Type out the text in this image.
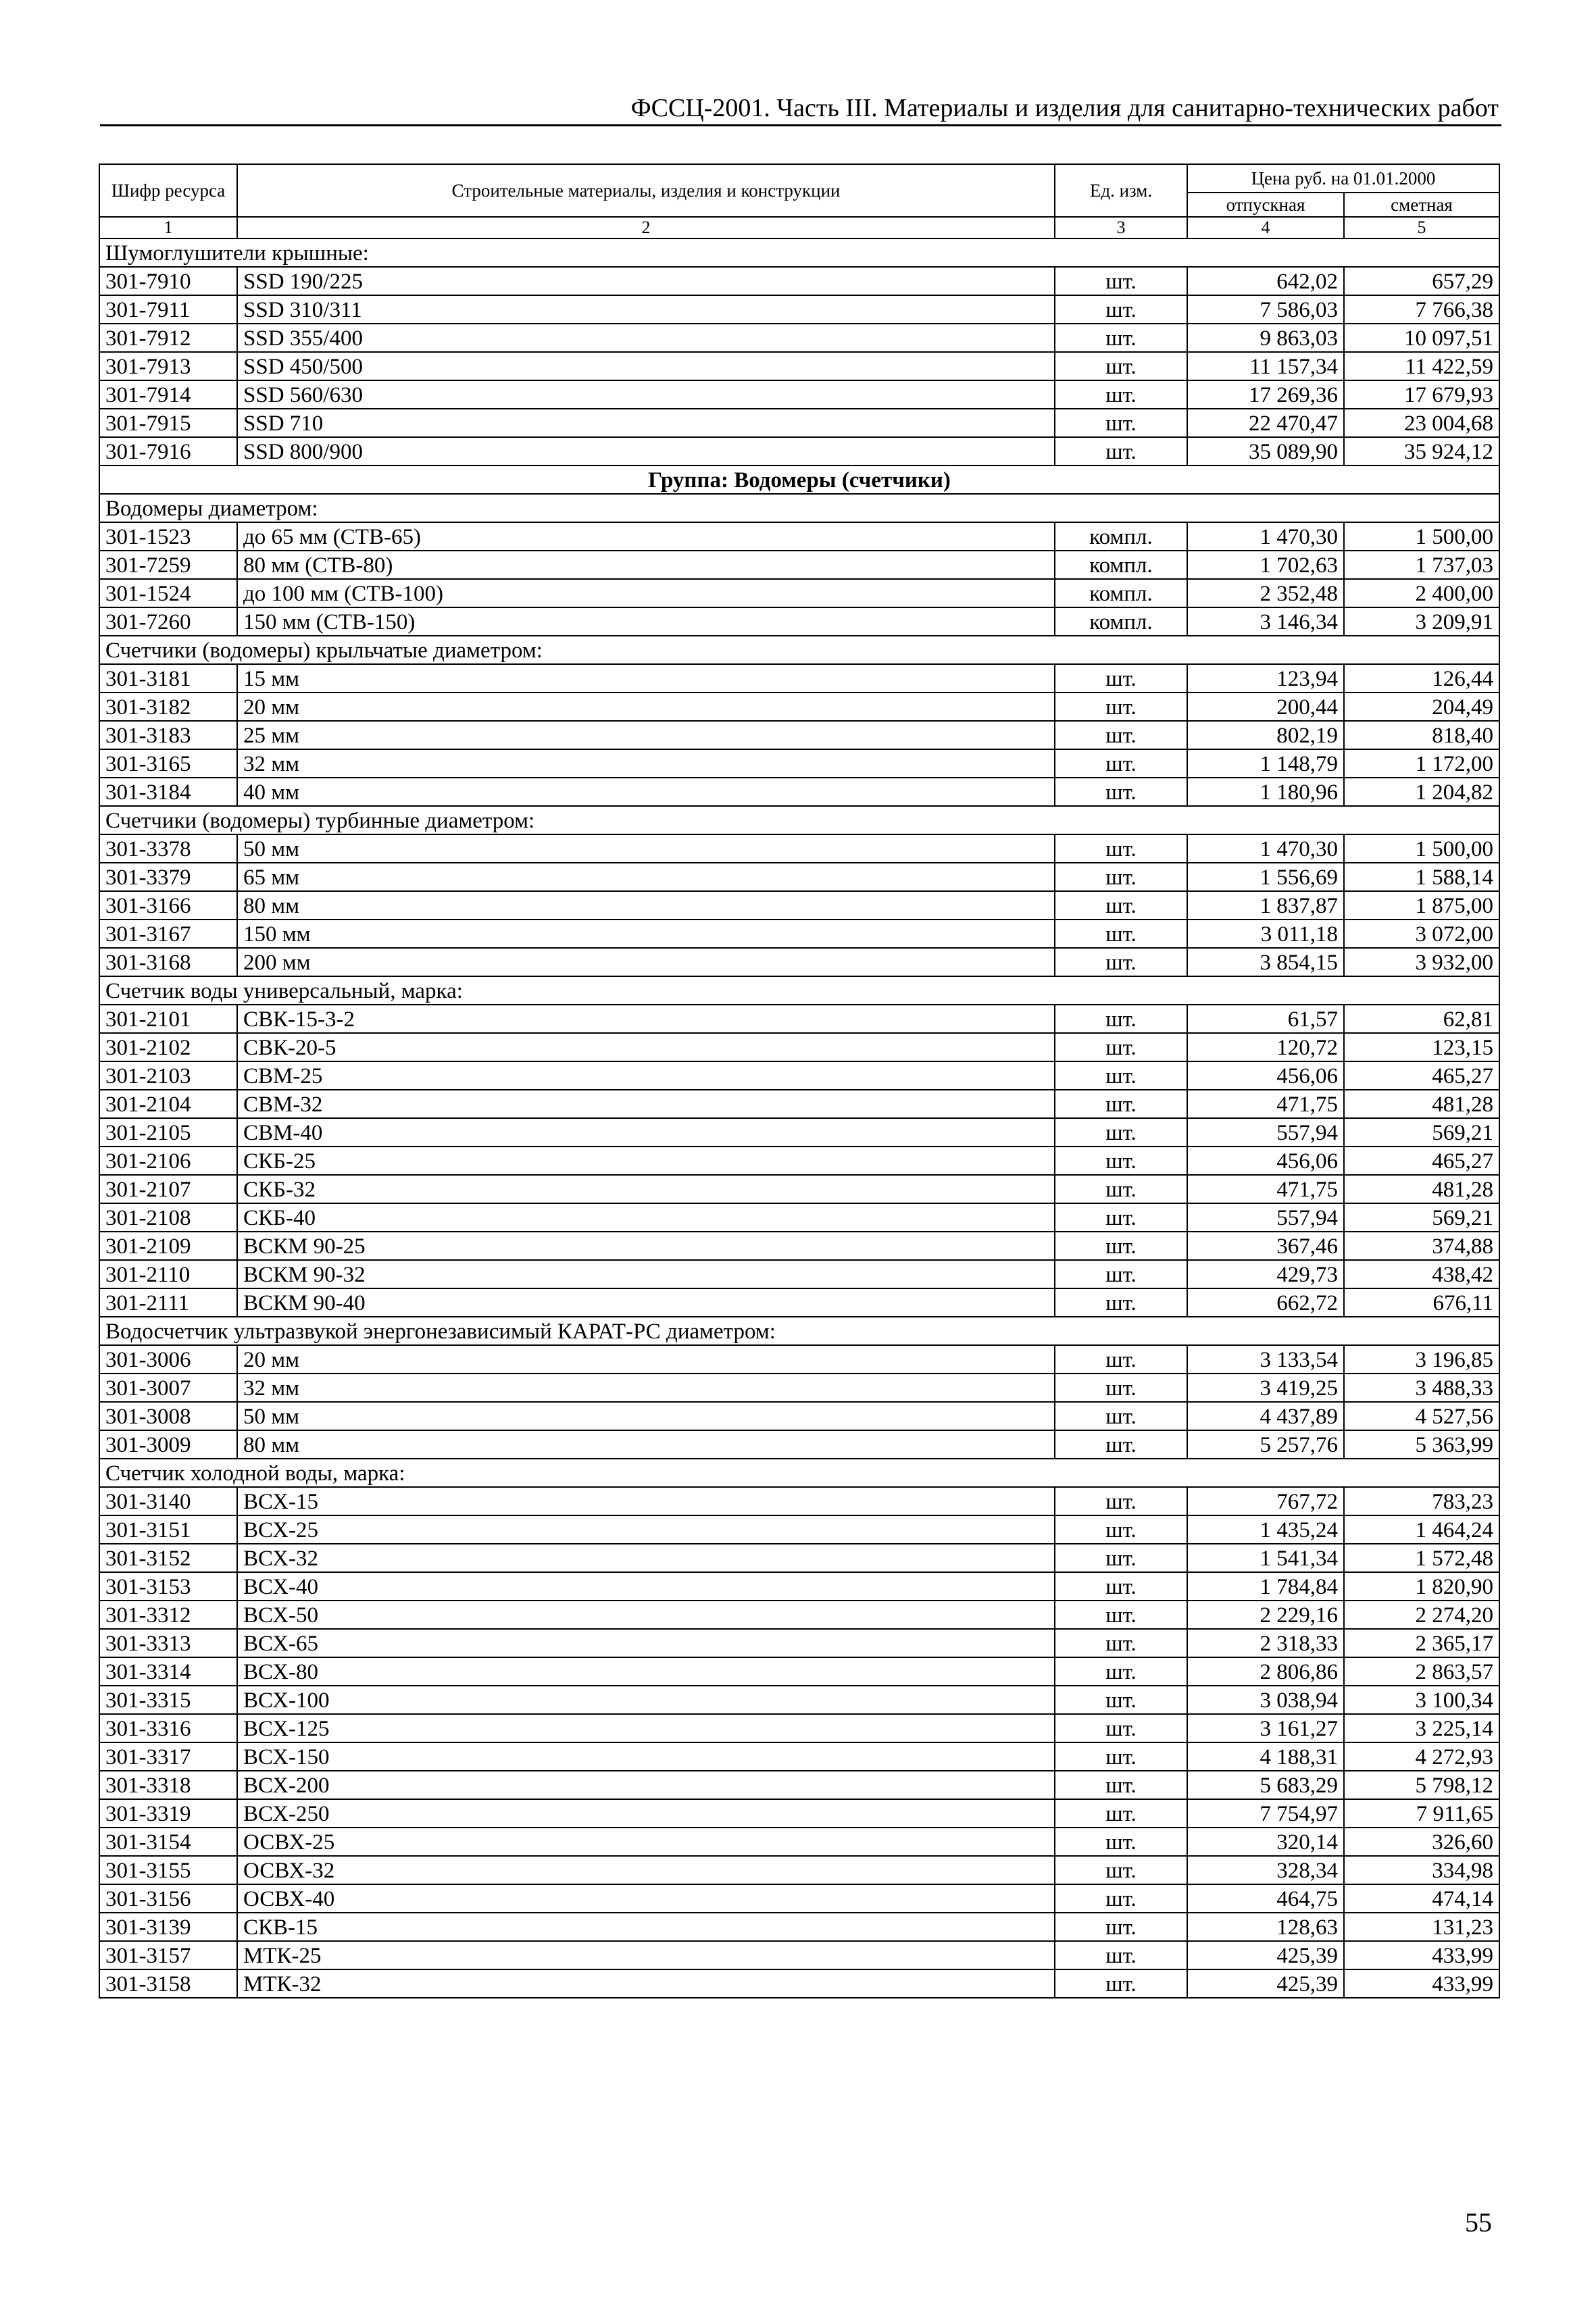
ФССЦ-2001. Часть III. Материалы и изделия для санитарно-технических работ
Шифр ресурса	Строительные материалы, изделия и конструкции	Ед. изм.	Цена руб. на 01.01.2000	
			отпускная	сметная
1	2	3	4	5
Шумоглушители крышные:				
301-7910	SSD 190/225	шт.	642,02	657,29
301-7911	SSD 310/311	шт.	7 586,03	7 766,38
301-7912	SSD 355/400	шт.	9 863,03	10 097,51
301-7913	SSD 450/500	шт.	11 157,34	11 422,59
301-7914	SSD 560/630	шт.	17 269,36	17 679,93
301-7915	SSD 710	шт.	22 470,47	23 004,68
301-7916	SSD 800/900	шт.	35 089,90	35 924,12
Группа: Водомеры (счетчики)				
Водомеры диаметром:				
301-1523	до 65 мм (СТВ-65)	компл.	1 470,30	1 500,00
301-7259	80 мм (СТВ-80)	компл.	1 702,63	1 737,03
301-1524	до 100 мм (СТВ-100)	компл.	2 352,48	2 400,00
301-7260	150 мм (СТВ-150)	компл.	3 146,34	3 209,91
Счетчики (водомеры) крыльчатые диаметром:				
301-3181	15 мм	шт.	123,94	126,44
301-3182	20 мм	шт.	200,44	204,49
301-3183	25 мм	шт.	802,19	818,40
301-3165	32 мм	шт.	1 148,79	1 172,00
301-3184	40 мм	шт.	1 180,96	1 204,82
Счетчики (водомеры) турбинные диаметром:				
301-3378	50 мм	шт.	1 470,30	1 500,00
301-3379	65 мм	шт.	1 556,69	1 588,14
301-3166	80 мм	шт.	1 837,87	1 875,00
301-3167	150 мм	шт.	3 011,18	3 072,00
301-3168	200 мм	шт.	3 854,15	3 932,00
Счетчик воды универсальный, марка:				
301-2101	СВК-15-3-2	шт.	61,57	62,81
301-2102	СВК-20-5	шт.	120,72	123,15
301-2103	СВМ-25	шт.	456,06	465,27
301-2104	СВМ-32	шт.	471,75	481,28
301-2105	СВМ-40	шт.	557,94	569,21
301-2106	СКБ-25	шт.	456,06	465,27
301-2107	СКБ-32	шт.	471,75	481,28
301-2108	СКБ-40	шт.	557,94	569,21
301-2109	ВСКМ 90-25	шт.	367,46	374,88
301-2110	ВСКМ 90-32	шт.	429,73	438,42
301-2111	ВСКМ 90-40	шт.	662,72	676,11
Водосчетчик ультразвукой энергонезависимый КАРАТ-РС диаметром:				
301-3006	20 мм	шт.	3 133,54	3 196,85
301-3007	32 мм	шт.	3 419,25	3 488,33
301-3008	50 мм	шт.	4 437,89	4 527,56
301-3009	80 мм	шт.	5 257,76	5 363,99
Счетчик холодной воды, марка:				
301-3140	ВСХ-15	шт.	767,72	783,23
301-3151	ВСХ-25	шт.	1 435,24	1 464,24
301-3152	ВСХ-32	шт.	1 541,34	1 572,48
301-3153	ВСХ-40	шт.	1 784,84	1 820,90
301-3312	ВСХ-50	шт.	2 229,16	2 274,20
301-3313	ВСХ-65	шт.	2 318,33	2 365,17
301-3314	ВСХ-80	шт.	2 806,86	2 863,57
301-3315	ВСХ-100	шт.	3 038,94	3 100,34
301-3316	ВСХ-125	шт.	3 161,27	3 225,14
301-3317	ВСХ-150	шт.	4 188,31	4 272,93
301-3318	ВСХ-200	шт.	5 683,29	5 798,12
301-3319	ВСХ-250	шт.	7 754,97	7 911,65
301-3154	ОСВХ-25	шт.	320,14	326,60
301-3155	ОСВХ-32	шт.	328,34	334,98
301-3156	ОСВХ-40	шт.	464,75	474,14
301-3139	СКВ-15	шт.	128,63	131,23
301-3157	МТК-25	шт.	425,39	433,99
301-3158	МТК-32	шт.	425,39	433,99
55
